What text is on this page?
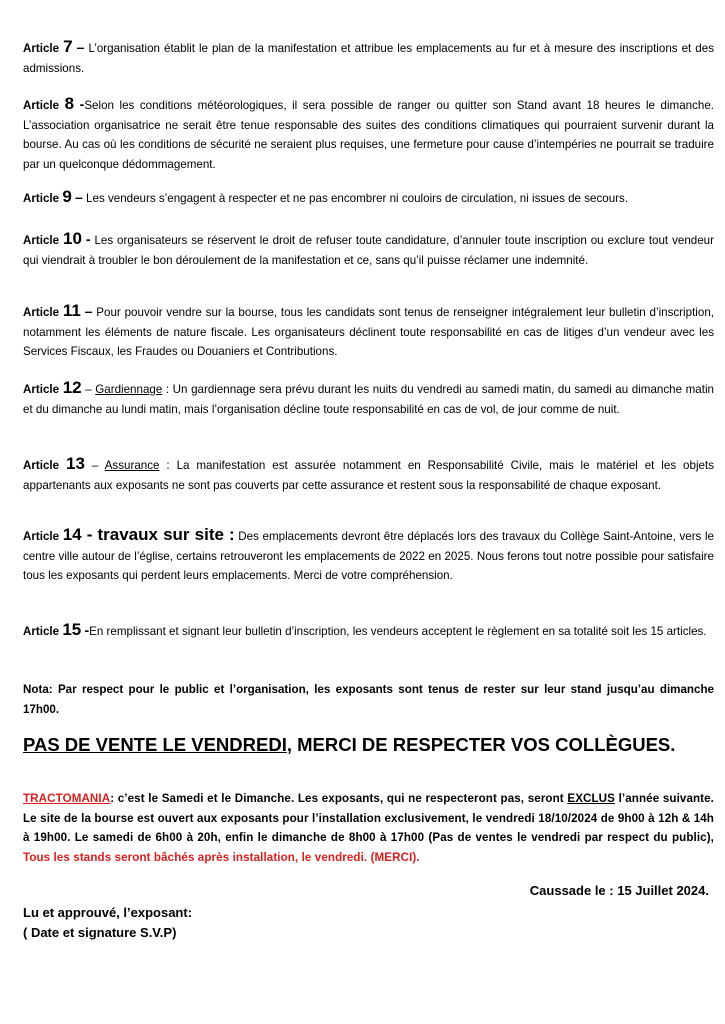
Article 7 – L’organisation établit le plan de la manifestation et attribue les emplacements au fur et à mesure des inscriptions et des admissions.
Article 8 -Selon les conditions météorologiques, il sera possible de ranger ou quitter son Stand avant 18 heures le dimanche. L’association organisatrice ne serait être tenue responsable des suites des conditions climatiques qui pourraient survenir durant la bourse. Au cas où les conditions de sécurité ne seraient plus requises, une fermeture pour cause d’intempéries ne pourrait se traduire par un quelconque dédommagement.
Article 9 – Les vendeurs s’engagent à respecter et ne pas encombrer ni couloirs de circulation, ni issues de secours.
Article 10 - Les organisateurs se réservent le droit de refuser toute candidature, d’annuler toute inscription ou exclure tout vendeur qui viendrait à troubler le bon déroulement de la manifestation et ce, sans qu’il puisse réclamer une indemnité.
Article 11 – Pour pouvoir vendre sur la bourse, tous les candidats sont tenus de renseigner intégralement leur bulletin d’inscription, notamment les éléments de nature fiscale. Les organisateurs déclinent toute responsabilité en cas de litiges d’un vendeur avec les Services Fiscaux, les Fraudes ou Douaniers et Contributions.
Article 12 – Gardiennage : Un gardiennage sera prévu durant les nuits du vendredi au samedi matin, du samedi au dimanche matin et du dimanche au lundi matin, mais l’organisation décline toute responsabilité en cas de vol, de jour comme de nuit.
Article 13 – Assurance : La manifestation est assurée notamment en Responsabilité Civile, mais le matériel et les objets appartenants aux exposants ne sont pas couverts par cette assurance et restent sous la responsabilité de chaque exposant.
Article 14 - travaux sur site : Des emplacements devront être déplacés lors des travaux du Collège Saint-Antoine, vers le centre ville autour de l’église, certains retrouveront les emplacements de 2022 en 2025. Nous ferons tout notre possible pour satisfaire tous les exposants qui perdent leurs emplacements. Merci de votre compréhension.
Article 15 -En remplissant et signant leur bulletin d’inscription, les vendeurs acceptent le règlement en sa totalité soit les 15 articles.
Nota: Par respect pour le public et l’organisation, les exposants sont tenus de rester sur leur stand jusqu’au dimanche 17h00.
PAS DE VENTE LE VENDREDI, MERCI DE RESPECTER VOS COLLÈGUES.
TRACTOMANIA: c’est le Samedi et le Dimanche. Les exposants, qui ne respecteront pas, seront EXCLUS l’année suivante. Le site de la bourse est ouvert aux exposants pour l’installation exclusivement, le vendredi 18/10/2024 de 9h00 à 12h & 14h à 19h00. Le samedi de 6h00 à 20h, enfin le dimanche de 8h00 à 17h00 (Pas de ventes le vendredi par respect du public), Tous les stands seront bâchés après installation, le vendredi. (MERCI).
Caussade le : 15 Juillet 2024.
Lu et approuvé, l’exposant:
( Date et signature S.V.P)
